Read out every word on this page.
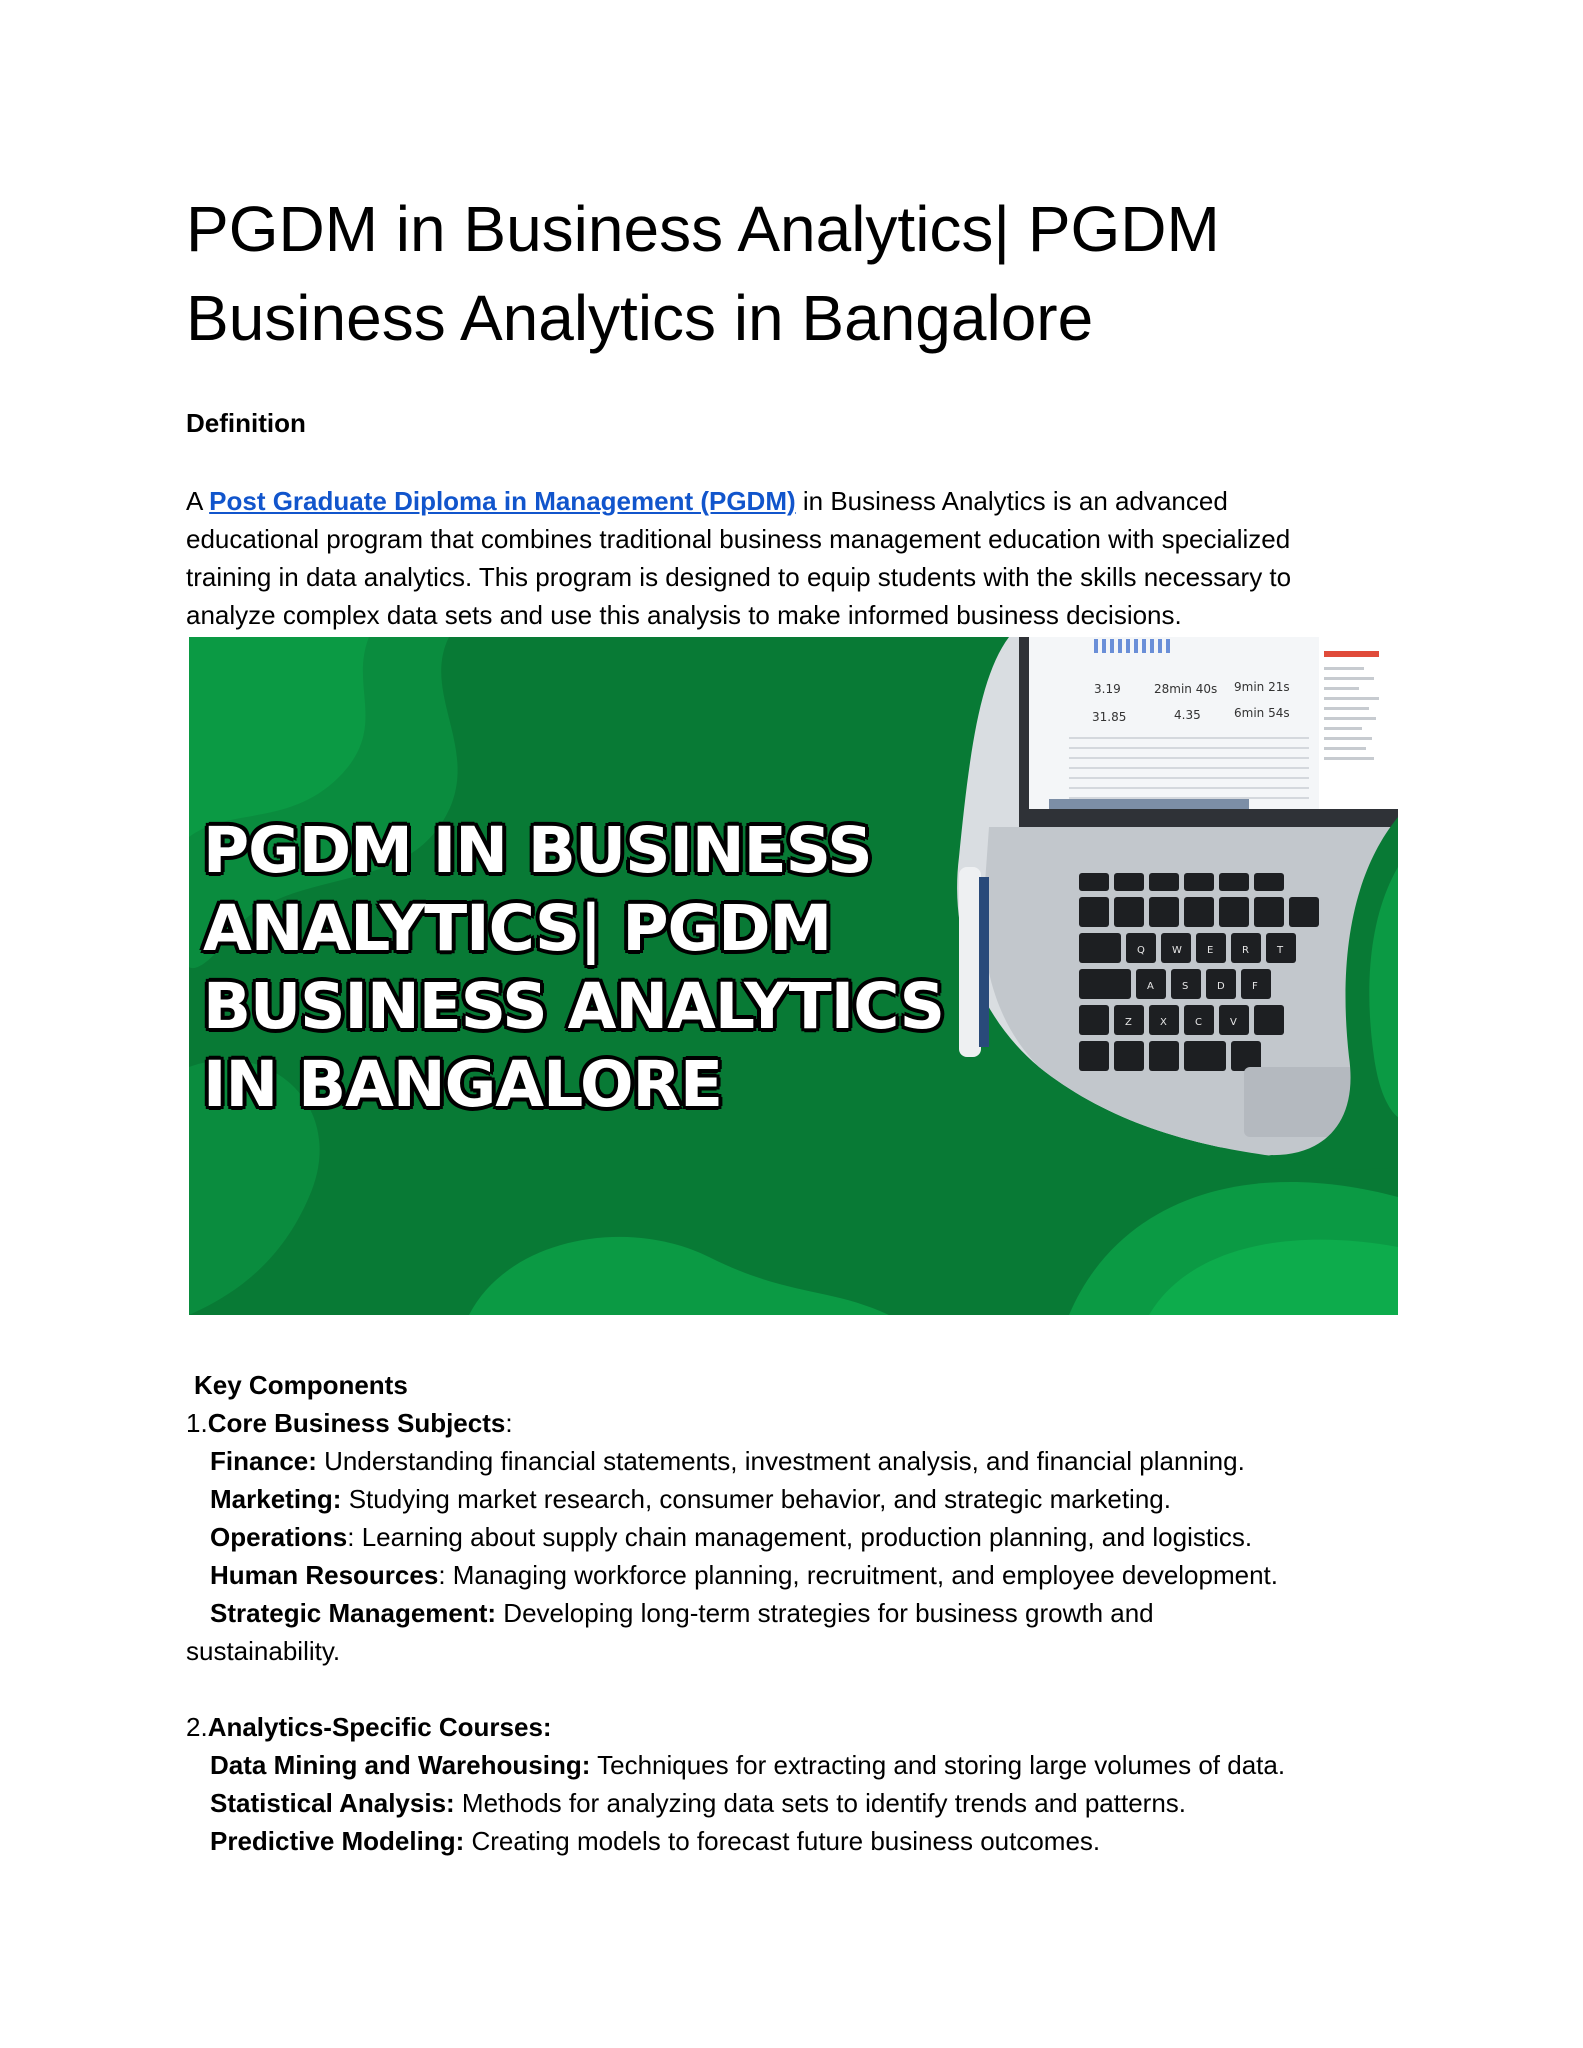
PGDM in Business Analytics| PGDM
Business Analytics in Bangalore
Definition

A Post Graduate Diploma in Management (PGDM) in Business Analytics is an advanced
educational program that combines traditional business management education with specialized
training in data analytics. This program is designed to equip students with the skills necessary to
analyze complex data sets and use this analysis to make informed business decisions.

3.19	28min 40s 9min 21s
31.85	4.35	6min 54s
Q	W	E	R	T
A	S	D	F
Z	X	C	V
PGDM IN BUSINESS
ANALYTICS| PGDM
BUSINESS ANALYTICS
IN BANGALORE
Key Components
1.Core Business Subjects:
Finance: Understanding financial statements, investment analysis, and financial planning.
Marketing: Studying market research, consumer behavior, and strategic marketing.
Operations: Learning about supply chain management, production planning, and logistics.
Human Resources: Managing workforce planning, recruitment, and employee development.
Strategic Management: Developing long-term strategies for business growth and
sustainability.
2.Analytics-Specific Courses:
Data Mining and Warehousing: Techniques for extracting and storing large volumes of data.
Statistical Analysis: Methods for analyzing data sets to identify trends and patterns.
Predictive Modeling: Creating models to forecast future business outcomes.
